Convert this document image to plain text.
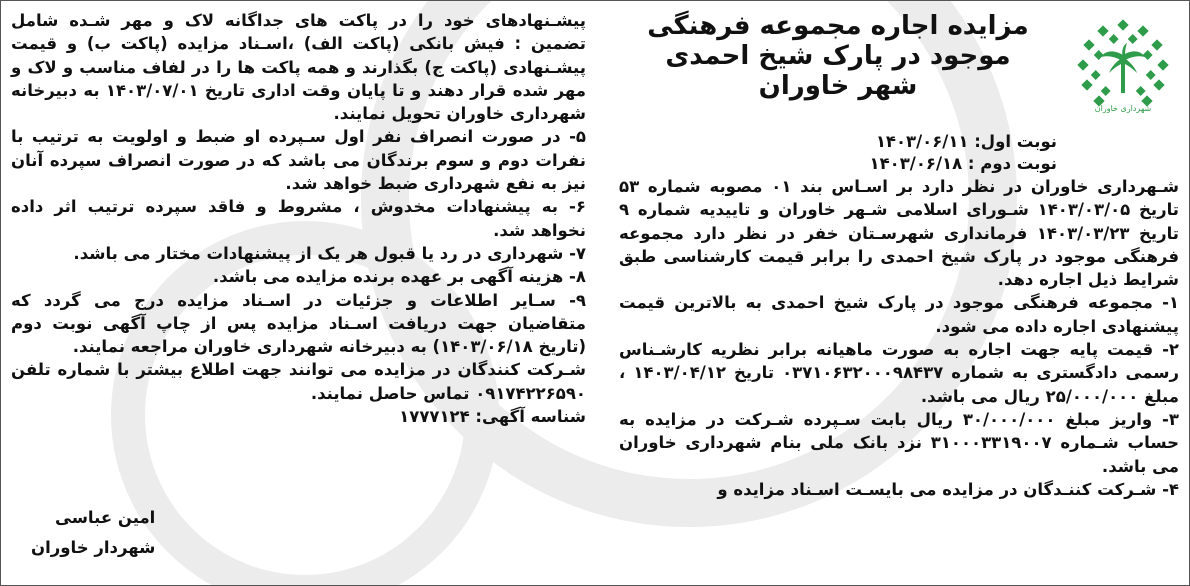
شهرداری خاوران
مزایده اجاره مجموعه فرهنگی
موجود در پارک شیخ احمدی
شهر خاوران
نوبت اول: ۱۴۰۳/۰۶/۱۱
نوبت دوم : ۱۴۰۳/۰۶/۱۸

شـهرداری خاوران در نظر دارد بر اسـاس بند ۰۱ مصوبه شماره ۵۳ تاریخ ۱۴۰۳/۰۳/۰۵ شـورای اسلامی شـهر خاوران و تاییدیه شماره ۹ تاریخ ۱۴۰۳/۰۳/۲۳ فرمانداری شهرسـتان خفر در نظر دارد مجموعه فرهنگی موجود در پارک شیخ احمدی را برابر قیمت کارشناسی طبق شرایط ذیل اجاره دهد.

۱- مجموعه فرهنگی موجود در پارک شیخ احمدی به بالاترین قیمت پیشنهادی اجاره داده می شود.

۲- قیمت پایه جهت اجاره به صورت ماهیانه برابر نظریه کارشـناس رسمی دادگستری به شماره ۰۳۷۱۰۶۳۲۰۰۰۹۸۴۳۷ تاریخ ۱۴۰۳/۰۴/۱۲ ، مبلغ ۲۵/۰۰۰/۰۰۰ ریال می باشد.

۳- واریز مبلغ ۳۰/۰۰۰/۰۰۰ ریال بابت سـپرده شـرکت در مزایده به حساب شـماره ۳۱۰۰۰۳۳۱۹۰۰۷ نزد بانک ملی بنام شهرداری خاوران می باشد.

۴- شـرکت کننـدگان در مزایده می بایسـت اسـناد مزایده و

پیشـنهادهای خود را در پاکت های جداگانه لاک و مهر شـده شامل تضمین : فیش بانکی (پاکت الف) ،اسـناد مزایده (پاکت ب) و قیمت پیشـنهادی (پاکت ج) بگذارند و همه پاکت ها را در لفاف مناسب و لاک و مهر شده قرار دهند و تا پایان وقت اداری تاریخ ۱۴۰۳/۰۷/۰۱ به دبیرخانه شهرداری خاوران تحویل نمایند.

۵- در صورت انصراف نفر اول سـپرده او ضبط و اولویت به ترتیب با نفرات دوم و سوم برندگان می باشد که در صورت انصراف سپرده آنان نیز به نفع شهرداری ضبط خواهد شد.

۶- به پیشنهادات مخدوش ، مشروط و فاقد سپرده ترتیب اثر داده نخواهد شد.

۷- شهرداری در رد یا قبول هر یک از پیشنهادات مختار می باشد.

۸- هزینه آگهی بر عهده برنده مزایده می باشد.

۹- سـایر اطلاعات و جزئیات در اسـناد مزایده درج می گردد که متقاضیان جهت دریافت اسـناد مزایده پس از چاپ آگهی نوبت دوم (تاریخ ۱۴۰۳/۰۶/۱۸) به دبیرخانه شهرداری خاوران مراجعه نمایند.

شـرکت کنندگان در مزایده می توانند جهت اطلاع بیشتر با شماره تلفن ۰۹۱۷۴۲۲۶۵۹۰ تماس حاصل نمایند.

شناسه آگهی: ۱۷۷۷۱۲۴

امین عباسی
شهردار خاوران
